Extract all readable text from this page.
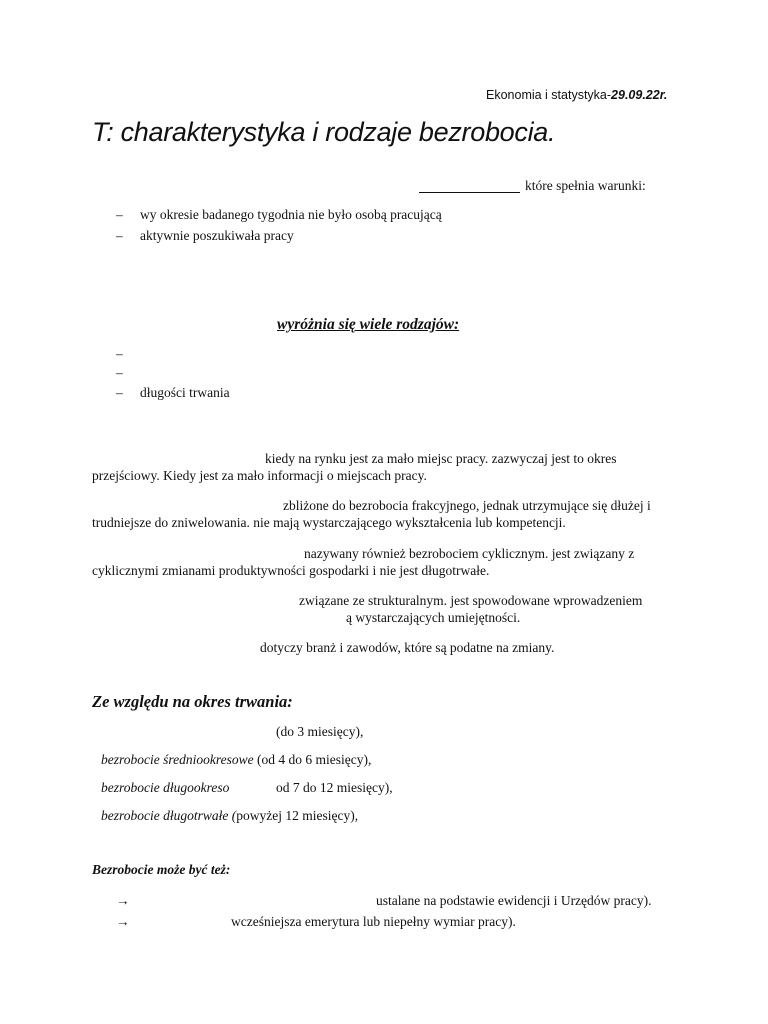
Ekonomia i statystyka-29.09.22r.
T: charakterystyka i rodzaje bezrobocia.
które spełnia warunki:
– wy okresie badanego tygodnia nie było osobą pracującą
– aktywnie poszukiwała pracy
wyróżnia się wiele rodzajów:
–
–
– długości trwania
kiedy na rynku jest za mało miejsc pracy. zazwyczaj jest to okres
przejściowy. Kiedy jest za mało informacji o miejscach pracy.
zbliżone do bezrobocia frakcyjnego, jednak utrzymujące się dłużej i
trudniejsze do zniwelowania. nie mają wystarczającego wykształcenia lub kompetencji.
nazywany również bezrobociem cyklicznym. jest związany z
cyklicznymi zmianami produktywności gospodarki i nie jest długotrwałe.
związane ze strukturalnym. jest spowodowane wprowadzeniem
ą wystarczających umiejętności.
dotyczy branż i zawodów, które są podatne na zmiany.
Ze względu na okres trwania:
(do 3 miesięcy),
bezrobocie średniookresowe (od 4 do 6 miesięcy),
bezrobocie długookreso	od 7 do 12 miesięcy),
bezrobocie długotrwałe (powyżej 12 miesięcy),
Bezrobocie może być też:
→	ustalane na podstawie ewidencji i Urzędów pracy).
→	wcześniejsza emerytura lub niepełny wymiar pracy).
